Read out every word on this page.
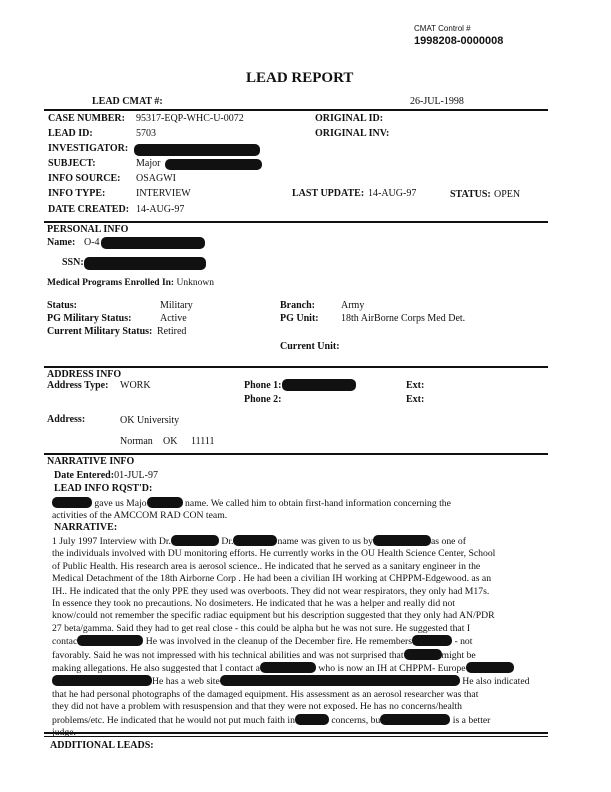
CMAT Control #
1998208-0000008
LEAD REPORT
LEAD CMAT #:	26-JUL-1998
CASE NUMBER: 95317-EQP-WHC-U-0072	ORIGINAL ID:
LEAD ID:	5703	ORIGINAL INV:
INVESTIGATOR:
SUBJECT:	Major
INFO SOURCE: OSAGWI
INFO TYPE:	INTERVIEW	LAST UPDATE: 14-AUG-97	STATUS: OPEN
DATE CREATED: 14-AUG-97
PERSONAL INFO
Name: O-4
SSN:
Medical Programs Enrolled In: Unknown
Status:	Military	Branch:	Army
PG Military Status:	Active	PG Unit: 18th AirBorne Corps Med Det.
Current Military Status: Retired
Current Unit:
ADDRESS INFO
Address Type: WORK	Phone 1:	Ext:
Phone 2:	Ext:
Address:	OK University
Norman OK 11111
NARRATIVE INFO
Date Entered:01-JUL-97
LEAD INFO RQST'D:

gave us Majo	name. We called him to obtain first-hand information concerning the

activities of the AMCCOM RAD CON team.

NARRATIVE:

1 July 1997 Interview with Dr.	Dr.	name was given to us by	as one of

the individuals involved with DU monitoring efforts. He currently works in the OU Health Science Center, School

of Public Health. His research area is aerosol science.. He indicated that he served as a sanitary engineer in the

Medical Detachment of the 18th Airborne Corp . He had been a civilian IH working at CHPPM-Edgewood. as an

IH.. He indicated that the only PPE they used was overboots. They did not wear respirators, they only had M17s.

In essence they took no precautions. No dosimeters. He indicated that he was a helper and really did not

know/could not remember the specific radiac equipment but his description suggested that they only had AN/PDR

27 beta/gamma. Said they had to get real close - this could be alpha but he was not sure. He suggested that I

contac	He was involved in the cleanup of the December fire. He remembers	- not

favorably. Said he was not impressed with his technical abilities and was not surprised that	might be

making allegations. He also suggested that I contact a	who is now an IH at CHPPM- Europe

He has a web site	He also indicated

that he had personal photographs of the damaged equipment. His assessment as an aerosol researcher was that

they did not have a problem with resuspension and that they were not exposed. He has no concerns/health

problems/etc. He indicated that he would not put much faith in	concerns, bu	is a better

ADDITIONAL LEADS:
